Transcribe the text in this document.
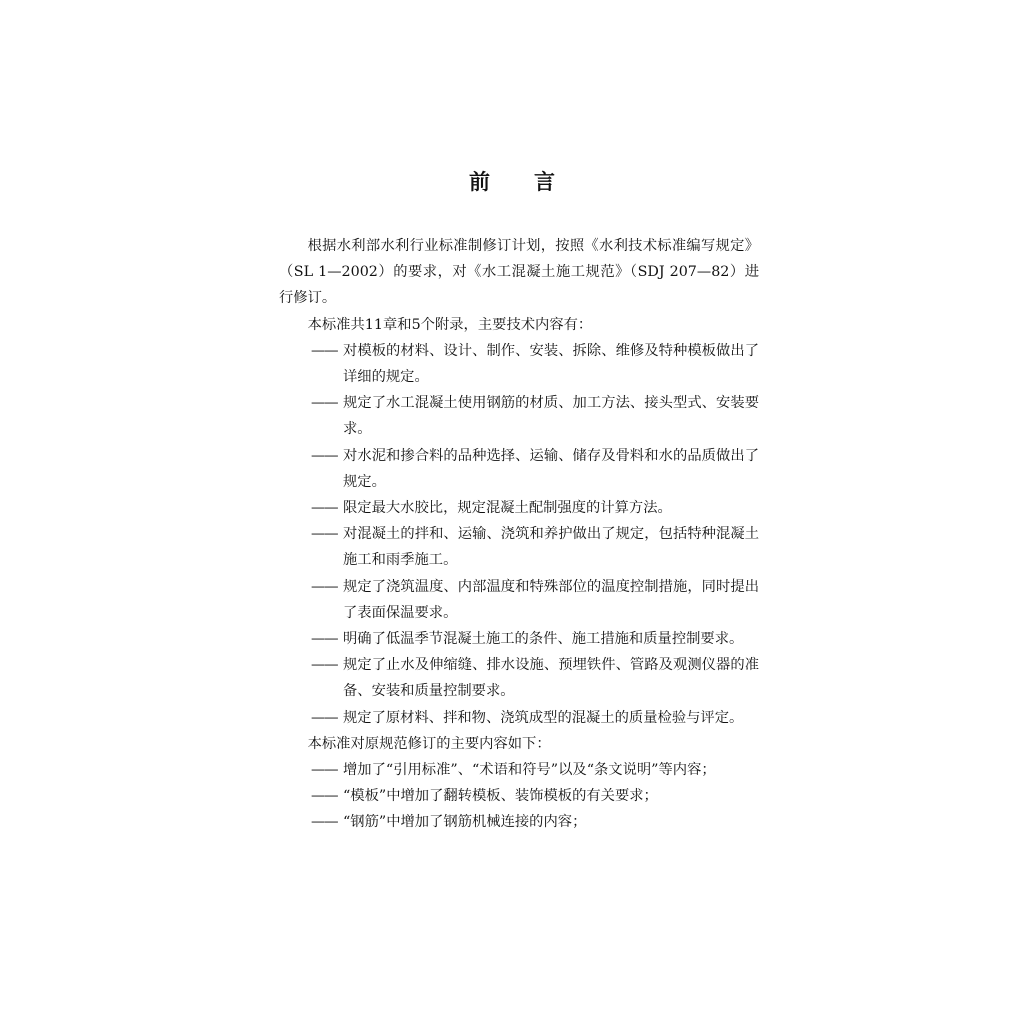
前 言

根据水利部水利行业标准制修订计划，按照《水利技术标准编写规定》（SL 1—2002）的要求，对《水工混凝土施工规范》（SDJ 207—82）进行修订。

本标准共11章和5个附录，主要技术内容有：

—— 对模板的材料、设计、制作、安装、拆除、维修及特种模板做出了详细的规定。

—— 规定了水工混凝土使用钢筋的材质、加工方法、接头型式、安装要求。

—— 对水泥和掺合料的品种选择、运输、储存及骨料和水的品质做出了规定。

—— 限定最大水胶比，规定混凝土配制强度的计算方法。

—— 对混凝土的拌和、运输、浇筑和养护做出了规定，包括特种混凝土施工和雨季施工。

—— 规定了浇筑温度、内部温度和特殊部位的温度控制措施，同时提出了表面保温要求。

—— 明确了低温季节混凝土施工的条件、施工措施和质量控制要求。

—— 规定了止水及伸缩缝、排水设施、预埋铁件、管路及观测仪器的准备、安装和质量控制要求。

—— 规定了原材料、拌和物、浇筑成型的混凝土的质量检验与评定。

本标准对原规范修订的主要内容如下：

—— 增加了“引用标准”、“术语和符号”以及“条文说明”等内容；

—— “模板”中增加了翻转模板、装饰模板的有关要求；

—— “钢筋”中增加了钢筋机械连接的内容；
